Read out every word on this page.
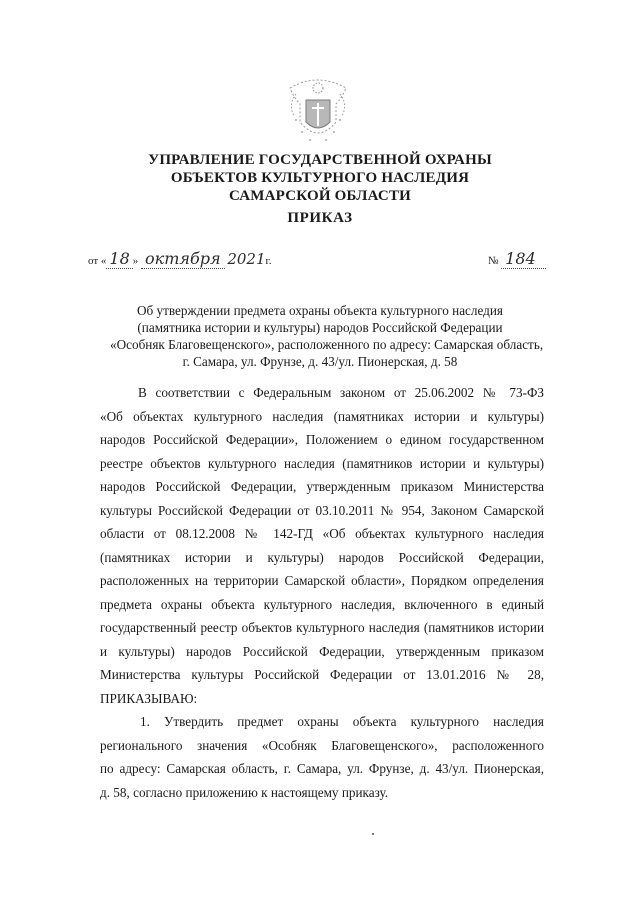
УПРАВЛЕНИЕ ГОСУДАРСТВЕННОЙ ОХРАНЫ
ОБЪЕКТОВ КУЛЬТУРНОГО НАСЛЕДИЯ
САМАРСКОЙ ОБЛАСТИ
ПРИКАЗ
от « 18 » октября 2021г.	№ 184
Об утверждении предмета охраны объекта культурного наследия
(памятника истории и культуры) народов Российской Федерации
«Особняк Благовещенского», расположенного по адресу: Самарская область,
г. Самара, ул. Фрунзе, д. 43/ул. Пионерская, д. 58
В соответствии с Федеральным законом от 25.06.2002 № 73-ФЗ
«Об объектах культурного наследия (памятниках истории и культуры)
народов Российской Федерации», Положением о едином государственном
реестре объектов культурного наследия (памятников истории и культуры)
народов Российской Федерации, утвержденным приказом Министерства
культуры Российской Федерации от 03.10.2011 № 954, Законом Самарской
области от 08.12.2008 № 142-ГД «Об объектах культурного наследия
(памятниках истории и культуры) народов Российской Федерации,
расположенных на территории Самарской области», Порядком определения
предмета охраны объекта культурного наследия, включенного в единый
государственный реестр объектов культурного наследия (памятников истории
и культуры) народов Российской Федерации, утвержденным приказом
Министерства культуры Российской Федерации от 13.01.2016 № 28,
ПРИКАЗЫВАЮ:
1. Утвердить предмет охраны объекта культурного наследия
регионального значения «Особняк Благовещенского», расположенного
по адресу: Самарская область, г. Самара, ул. Фрунзе, д. 43/ул. Пионерская,
д. 58, согласно приложению к настоящему приказу.
